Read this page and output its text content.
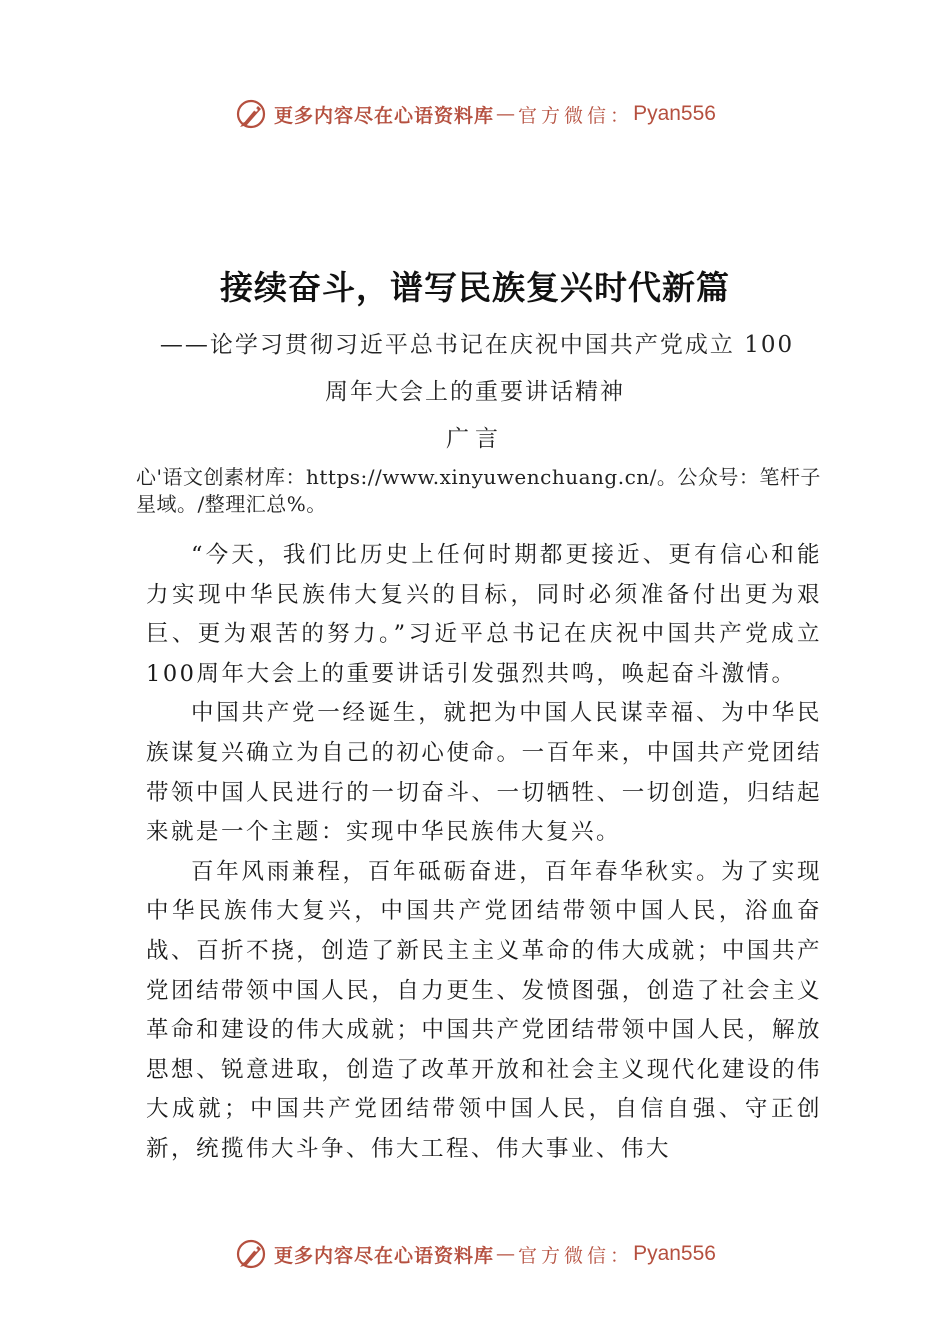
更多内容尽在心语资料库 — 官方微信： Pyan556
接续奋斗，谱写民族复兴时代新篇
——论学习贯彻习近平总书记在庆祝中国共产党成立 100
周年大会上的重要讲话精神
广言
心'语文创素材库：https://www.xinyuwenchuang.cn/。公众号：笔杆子星域。/整理汇总%。

“今天，我们比历史上任何时期都更接近、更有信心和能力实现中华民族伟大复兴的目标，同时必须准备付出更为艰巨、更为艰苦的努力。”习近平总书记在庆祝中国共产党成立100周年大会上的重要讲话引发强烈共鸣，唤起奋斗激情。

中国共产党一经诞生，就把为中国人民谋幸福、为中华民族谋复兴确立为自己的初心使命。一百年来，中国共产党团结带领中国人民进行的一切奋斗、一切牺牲、一切创造，归结起来就是一个主题：实现中华民族伟大复兴。

百年风雨兼程，百年砥砺奋进，百年春华秋实。为了实现中华民族伟大复兴，中国共产党团结带领中国人民，浴血奋战、百折不挠，创造了新民主主义革命的伟大成就；中国共产党团结带领中国人民，自力更生、发愤图强，创造了社会主义革命和建设的伟大成就；中国共产党团结带领中国人民，解放思想、锐意进取，创造了改革开放和社会主义现代化建设的伟大成就；中国共产党团结带领中国人民，自信自强、守正创新，统揽伟大斗争、伟大工程、伟大事业、伟大

更多内容尽在心语资料库 — 官方微信： Pyan556
